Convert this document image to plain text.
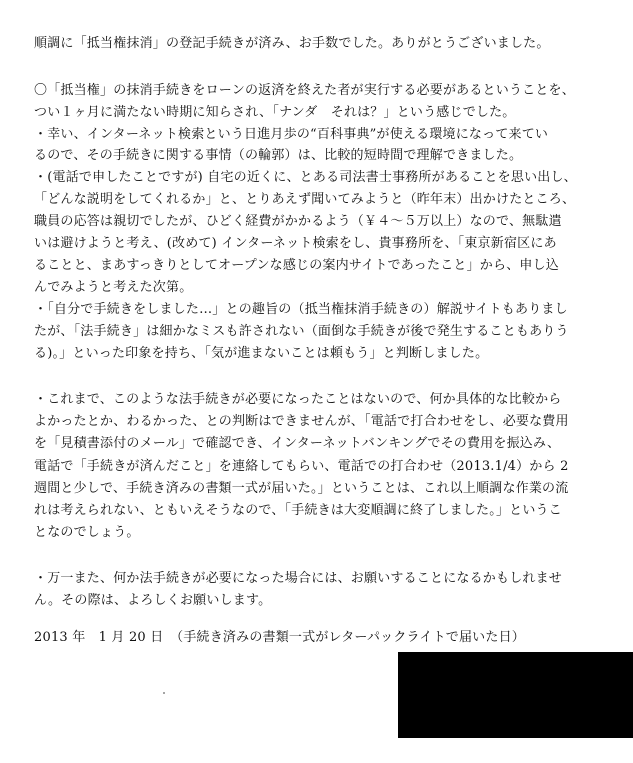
順調に「抵当権抹消」の登記手続きが済み、お手数でした。ありがとうございました。
〇「抵当権」の抹消手続きをローンの返済を終えた者が実行する必要があるということを、
つい１ヶ月に満たない時期に知らされ、「ナンダ　それは？」という感じでした。
・幸い、インターネット検索という日進月歩の“百科事典”が使える環境になって来てい
るので、その手続きに関する事情（の輪郭）は、比較的短時間で理解できました。
・(電話で申したことですが) 自宅の近くに、とある司法書士事務所があることを思い出し、
「どんな説明をしてくれるか」と、とりあえず聞いてみようと（昨年末）出かけたところ、
職員の応答は親切でしたが、ひどく経費がかかるよう（￥４～５万以上）なので、無駄遣
いは避けようと考え、(改めて) インターネット検索をし、貴事務所を、「東京新宿区にあ
ることと、まあすっきりとしてオープンな感じの案内サイトであったこと」から、申し込
んでみようと考えた次第。
・「自分で手続きをしました…」との趣旨の（抵当権抹消手続きの）解説サイトもありまし
たが、「法手続き」は細かなミスも許されない（面倒な手続きが後で発生することもありう
る)。」といった印象を持ち、「気が進まないことは頼もう」と判断しました。
・これまで、このような法手続きが必要になったことはないので、何か具体的な比較から
よかったとか、わるかった、との判断はできませんが、「電話で打合わせをし、必要な費用
を「見積書添付のメール」で確認でき、インターネットバンキングでその費用を振込み、
電話で「手続きが済んだこと」を連絡してもらい、電話での打合わせ（2013.1/4）から 2
週間と少しで、手続き済みの書類一式が届いた。」ということは、これ以上順調な作業の流
れは考えられない、ともいえそうなので、「手続きは大変順調に終了しました。」というこ
となのでしょう。
・万一また、何か法手続きが必要になった場合には、お願いすることになるかもしれませ
ん。その際は、よろしくお願いします。
2013 年　1 月 20 日　（手続き済みの書類一式がレターパックライトで届いた日）
